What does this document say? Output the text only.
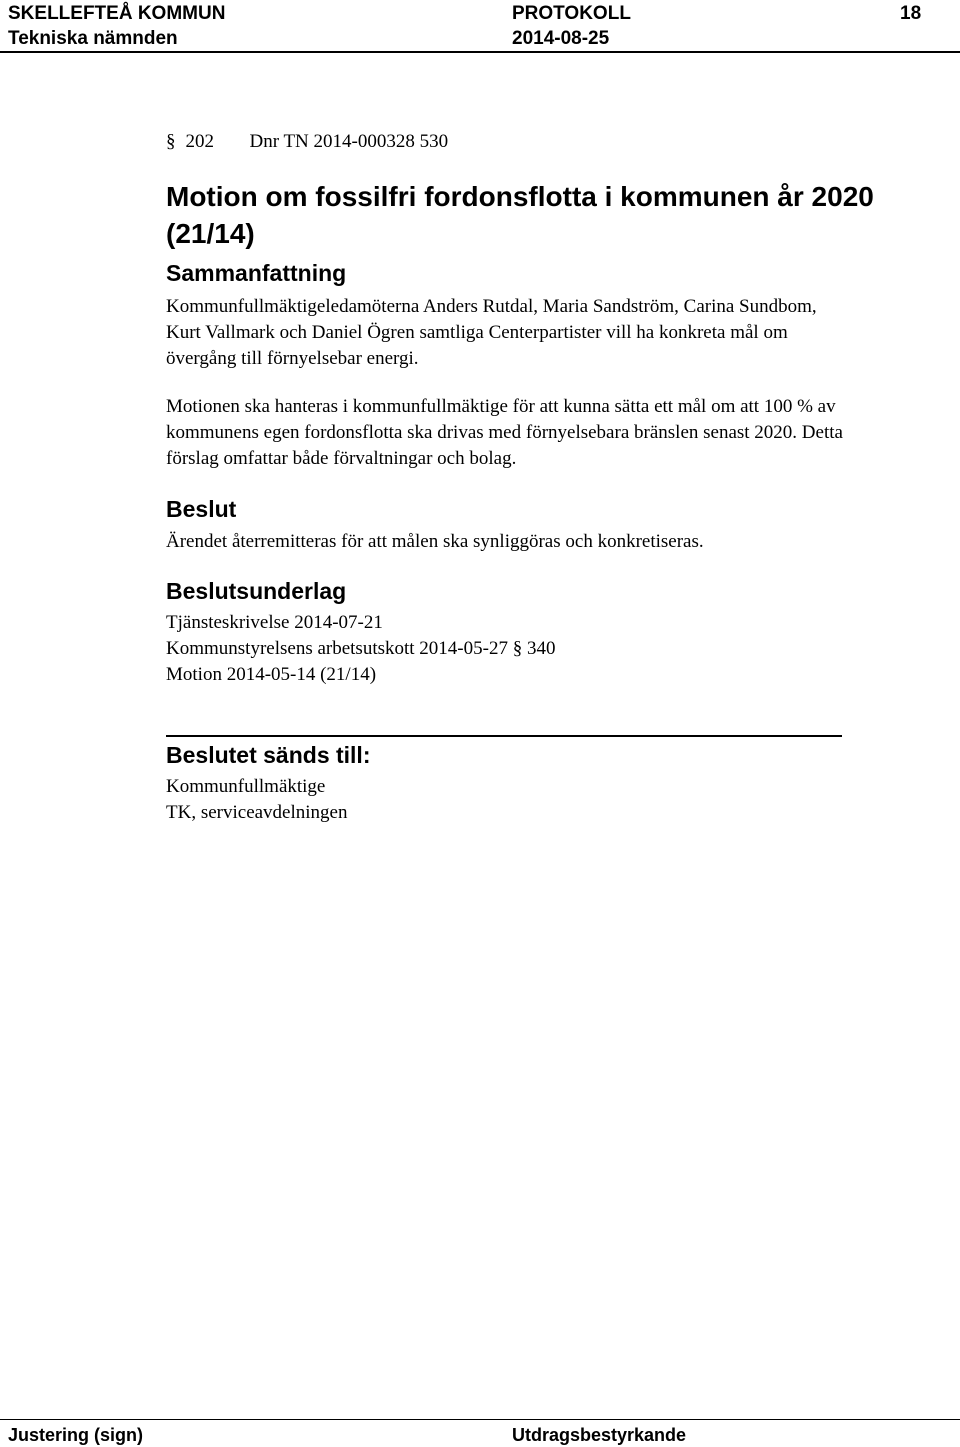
SKELLEFTEÅ KOMMUN	PROTOKOLL	18
Tekniska nämnden	2014-08-25
§ 202 Dnr TN 2014-000328 530
Motion om fossilfri fordonsflotta i kommunen år 2020 (21/14)
Sammanfattning

Kommunfullmäktigeledamöterna Anders Rutdal, Maria Sandström, Carina Sundbom, Kurt Vallmark och Daniel Ögren samtliga Centerpartister vill ha konkreta mål om övergång till förnyelsebar energi.

Motionen ska hanteras i kommunfullmäktige för att kunna sätta ett mål om att 100 % av kommunens egen fordonsflotta ska drivas med förnyelsebara bränslen senast 2020. Detta förslag omfattar både förvaltningar och bolag.

Beslut

Ärendet återremitteras för att målen ska synliggöras och konkretiseras.

Beslutsunderlag

Tjänsteskrivelse 2014-07-21

Kommunstyrelsens arbetsutskott 2014-05-27 § 340

Motion 2014-05-14 (21/14)

Beslutet sänds till:

Kommunfullmäktige

TK, serviceavdelningen

Justering (sign)	Utdragsbestyrkande
